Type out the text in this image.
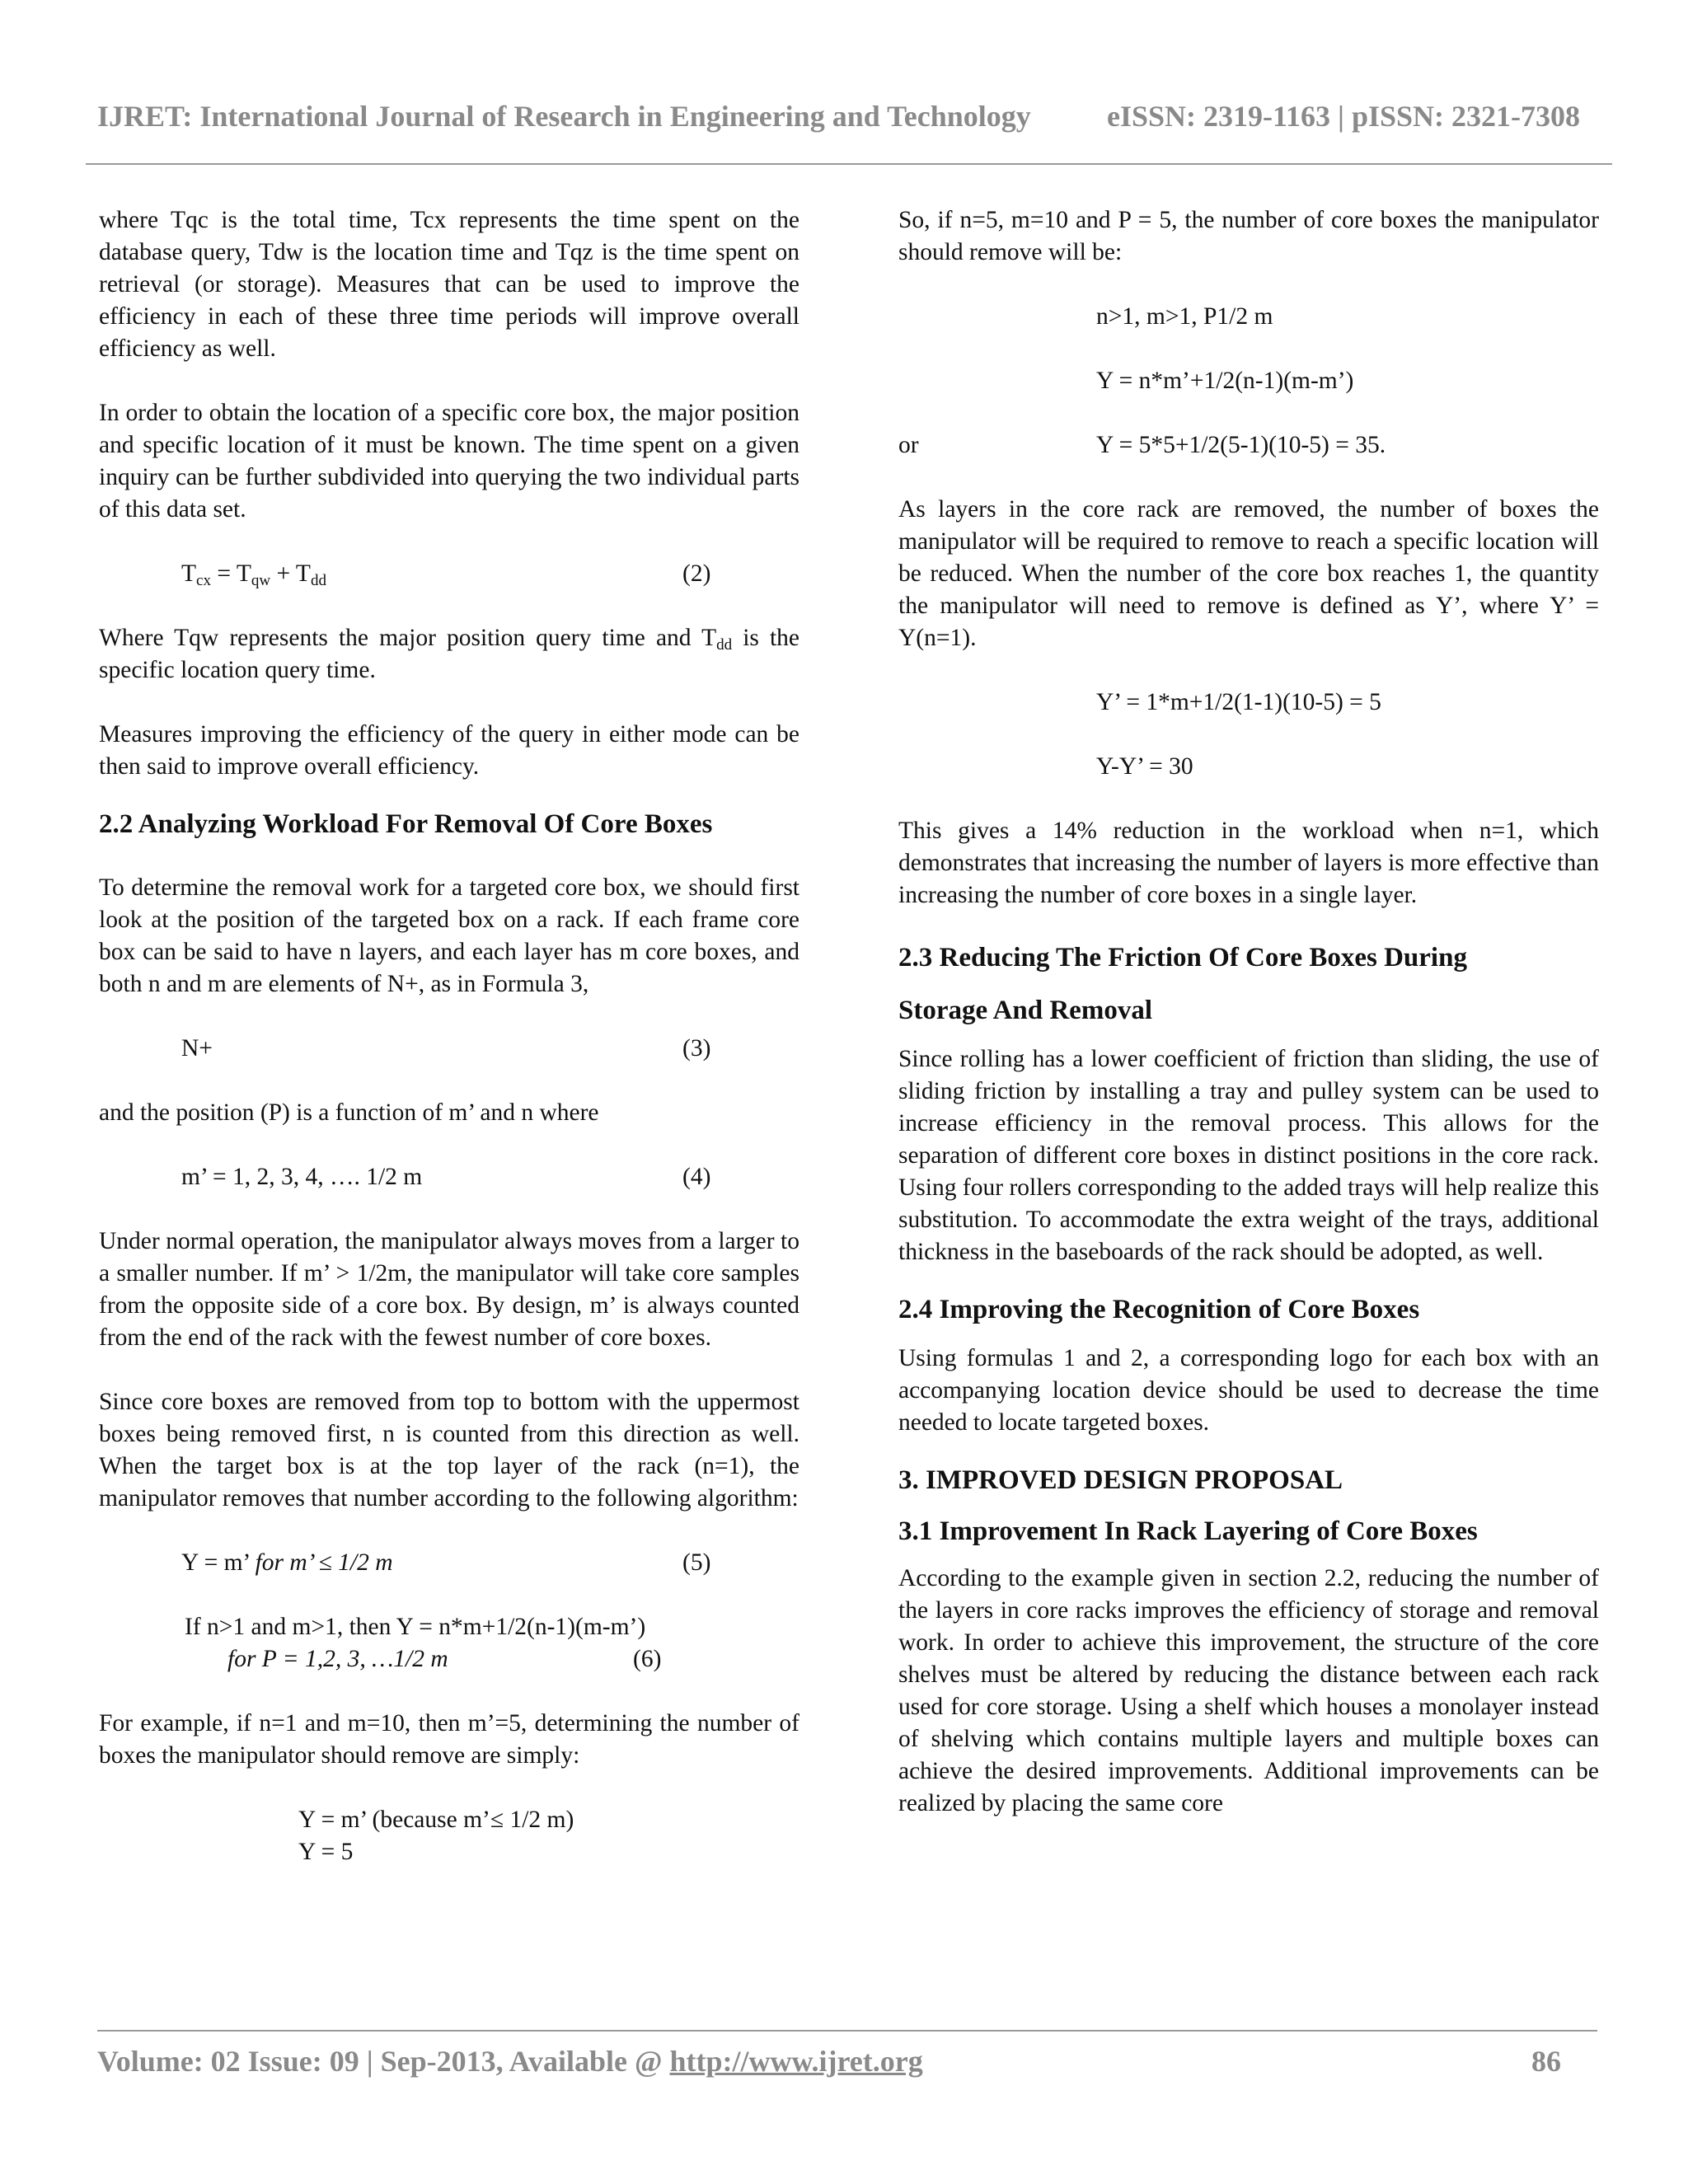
IJRET: International Journal of Research in Engineering and Technology	eISSN: 2319-1163 | pISSN: 2321-7308

where Tqc is the total time, Tcx represents the time spent on the database query, Tdw is the location time and Tqz is the time spent on retrieval (or storage). Measures that can be used to improve the efficiency in each of these three time periods will improve overall efficiency as well.

In order to obtain the location of a specific core box, the major position and specific location of it must be known. The time spent on a given inquiry can be further subdivided into querying the two individual parts of this data set.

$T_{cx} = T_{qw} + T_{dd}$	(2)

Where Tqw represents the major position query time and $T_{dd}$ is the specific location query time.

Measures improving the efficiency of the query in either mode can be then said to improve overall efficiency.

2.2 Analyzing Workload For Removal Of Core Boxes

To determine the removal work for a targeted core box, we should first look at the position of the targeted box on a rack. If each frame core box can be said to have n layers, and each layer has m core boxes, and both n and m are elements of N+, as in Formula 3,

N+	(3)

and the position (P) is a function of m’ and n where

m’ = 1, 2, 3, 4, …. 1/2 m	(4)

Under normal operation, the manipulator always moves from a larger to a smaller number. If m’ > 1/2m, the manipulator will take core samples from the opposite side of a core box. By design, m’ is always counted from the end of the rack with the fewest number of core boxes.

Since core boxes are removed from top to bottom with the uppermost boxes being removed first, n is counted from this direction as well. When the target box is at the top layer of the rack (n=1), the manipulator removes that number according to the following algorithm:

Y = m’ for m’ ≤ 1/2 m	(5)
If n>1 and m>1, then Y = n*m+1/2(n-1)(m-m’)
for P = 1,2, 3, …1/2 m	(6)

For example, if n=1 and m=10, then m’=5, determining the number of boxes the manipulator should remove are simply:

Y = m’ (because m’≤ 1/2 m)
Y = 5

So, if n=5, m=10 and P = 5, the number of core boxes the manipulator should remove will be:

n>1, m>1, P1/2 m
Y = n*m’+1/2(n-1)(m-m’)
or	Y = 5*5+1/2(5-1)(10-5) = 35.

As layers in the core rack are removed, the number of boxes the manipulator will be required to remove to reach a specific location will be reduced. When the number of the core box reaches 1, the quantity the manipulator will need to remove is defined as Y’, where Y’ = Y(n=1).

Y’ = 1*m+1/2(1-1)(10-5) = 5
Y-Y’ = 30

This gives a 14% reduction in the workload when n=1, which demonstrates that increasing the number of layers is more effective than increasing the number of core boxes in a single layer.

2.3 Reducing The Friction Of Core Boxes During

Storage And Removal

Since rolling has a lower coefficient of friction than sliding, the use of sliding friction by installing a tray and pulley system can be used to increase efficiency in the removal process. This allows for the separation of different core boxes in distinct positions in the core rack. Using four rollers corresponding to the added trays will help realize this substitution. To accommodate the extra weight of the trays, additional thickness in the baseboards of the rack should be adopted, as well.

2.4 Improving the Recognition of Core Boxes

Using formulas 1 and 2, a corresponding logo for each box with an accompanying location device should be used to decrease the time needed to locate targeted boxes.

3. IMPROVED DESIGN PROPOSAL

3.1 Improvement In Rack Layering of Core Boxes

According to the example given in section 2.2, reducing the number of the layers in core racks improves the efficiency of storage and removal work. In order to achieve this improvement, the structure of the core shelves must be altered by reducing the distance between each rack used for core storage. Using a shelf which houses a monolayer instead of shelving which contains multiple layers and multiple boxes can achieve the desired improvements. Additional improvements can be realized by placing the same core

Volume: 02 Issue: 09 | Sep-2013, Available @ http://www.ijret.org	86
